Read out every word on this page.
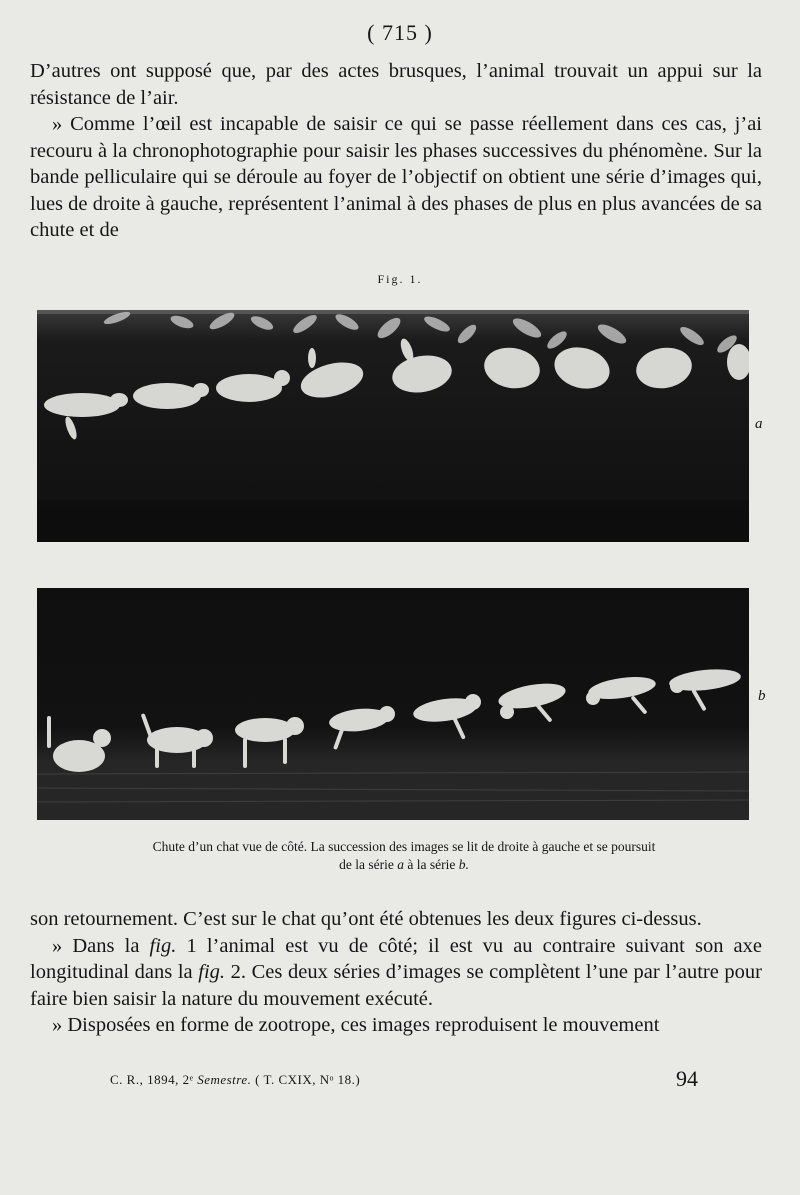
( 715 )

D’autres ont supposé que, par des actes brusques, l’animal trouvait un appui sur la résistance de l’air.

» Comme l’œil est incapable de saisir ce qui se passe réellement dans ces cas, j’ai recouru à la chronophotographie pour saisir les phases successives du phénomène. Sur la bande pelliculaire qui se déroule au foyer de l’objectif on obtient une série d’images qui, lues de droite à gauche, représentent l’animal à des phases de plus en plus avancées de sa chute et de

Fig. 1.
a
b
Chute d’un chat vue de côté. La succession des images se lit de droite à gauche et se poursuit
de la série a à la série b.

son retournement. C’est sur le chat qu’ont été obtenues les deux figures ci-dessus.

» Dans la fig. 1 l’animal est vu de côté; il est vu au contraire suivant son axe longitudinal dans la fig. 2. Ces deux séries d’images se complètent l’une par l’autre pour faire bien saisir la nature du mouvement exécuté.

» Disposées en forme de zootrope, ces images reproduisent le mouvement

C. R., 1894, 2ᵉ Semestre. ( T. CXIX, Nᵒ 18.)	94
